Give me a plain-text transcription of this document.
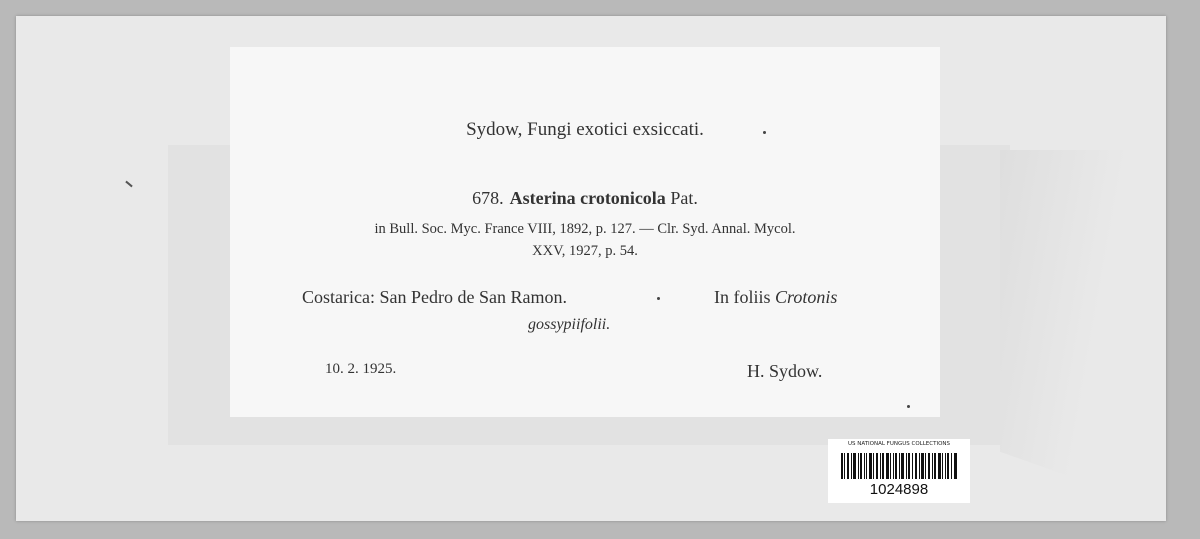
Sydow, Fungi exotici exsiccati.
678. Asterina crotonicola Pat.
in Bull. Soc. Myc. France VIII, 1892, p. 127. — Clr. Syd. Annal. Mycol.
XXV, 1927, p. 54.
Costarica: San Pedro de San Ramon.	In foliis Crotonis
gossypiifolii.
10. 2. 1925.	H. Sydow.
US NATIONAL FUNGUS COLLECTIONS
1024898
